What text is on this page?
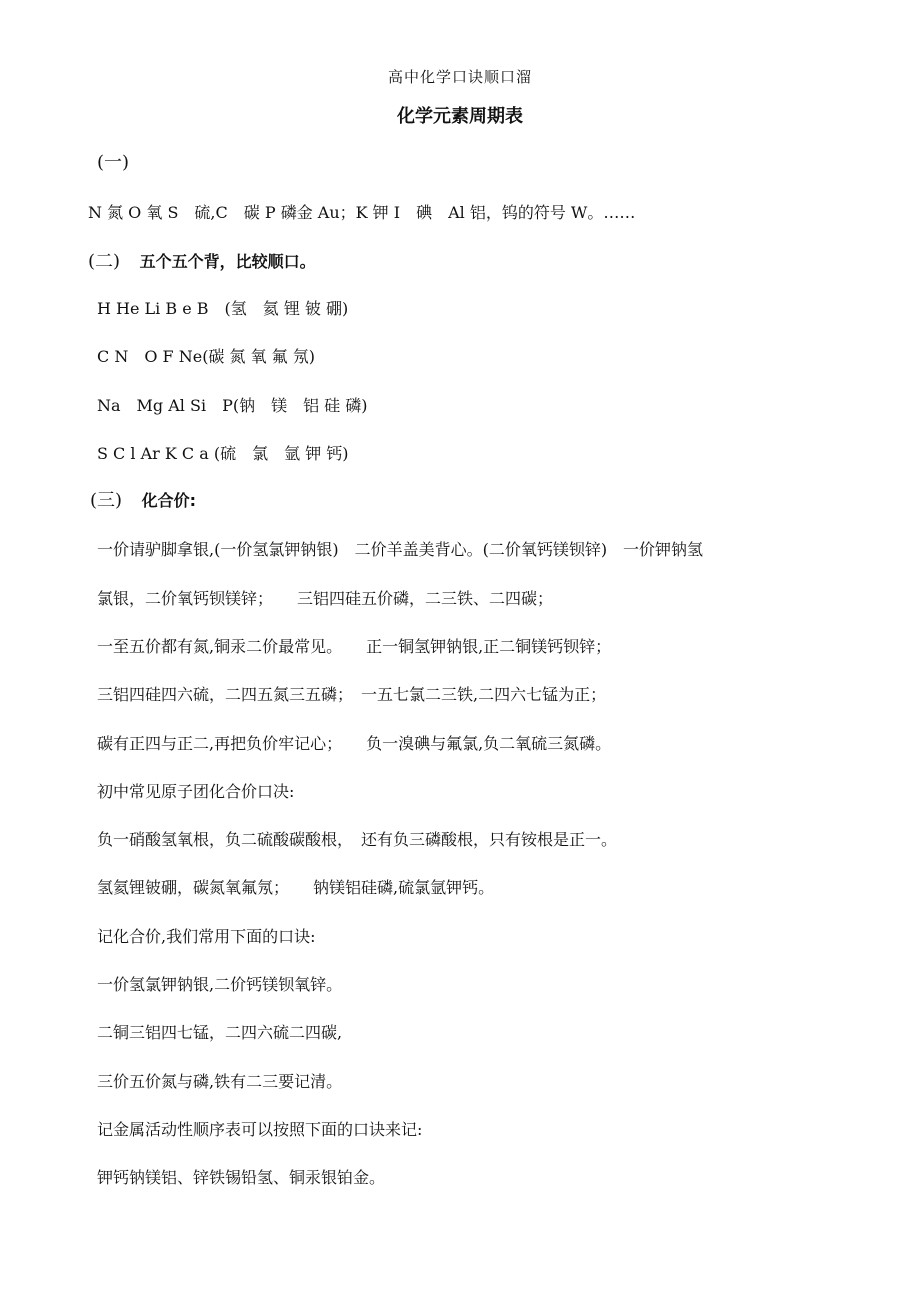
高中化学口诀顺口溜
化学元素周期表
(一)
N 氮 O 氧 S　硫,C　碳 P 磷金 Au；K 钾 I　碘　Al 铝，钨的符号 W。……
(二) 五个五个背，比较顺口。
H He Li B e B　(氢　氦 锂 铍 硼)
C N　O F Ne(碳 氮 氧 氟 氖)
Na　Mg Al Si　P(钠　镁　铝 硅 磷)
S C l Ar K C a (硫　氯　氩 钾 钙)
(三) 化合价:
一价请驴脚拿银,(一价氢氯钾钠银)　二价羊盖美背心。(二价氧钙镁钡锌)　一价钾钠氢
氯银，二价氧钙钡镁锌；　　三铝四硅五价磷，二三铁、二四碳；
一至五价都有氮,铜汞二价最常见。　　正一铜氢钾钠银,正二铜镁钙钡锌；
三铝四硅四六硫，二四五氮三五磷；　一五七氯二三铁,二四六七锰为正；
碳有正四与正二,再把负价牢记心；　　负一溴碘与氟氯,负二氧硫三氮磷。
初中常见原子团化合价口决:
负一硝酸氢氧根，负二硫酸碳酸根，　还有负三磷酸根，只有铵根是正一。
氢氦锂铍硼，碳氮氧氟氖；　　钠镁铝硅磷,硫氯氩钾钙。
记化合价,我们常用下面的口诀:
一价氢氯钾钠银,二价钙镁钡氧锌。
二铜三铝四七锰，二四六硫二四碳,
三价五价氮与磷,铁有二三要记清。
记金属活动性顺序表可以按照下面的口诀来记:
钾钙钠镁铝、锌铁锡铅氢、铜汞银铂金。
